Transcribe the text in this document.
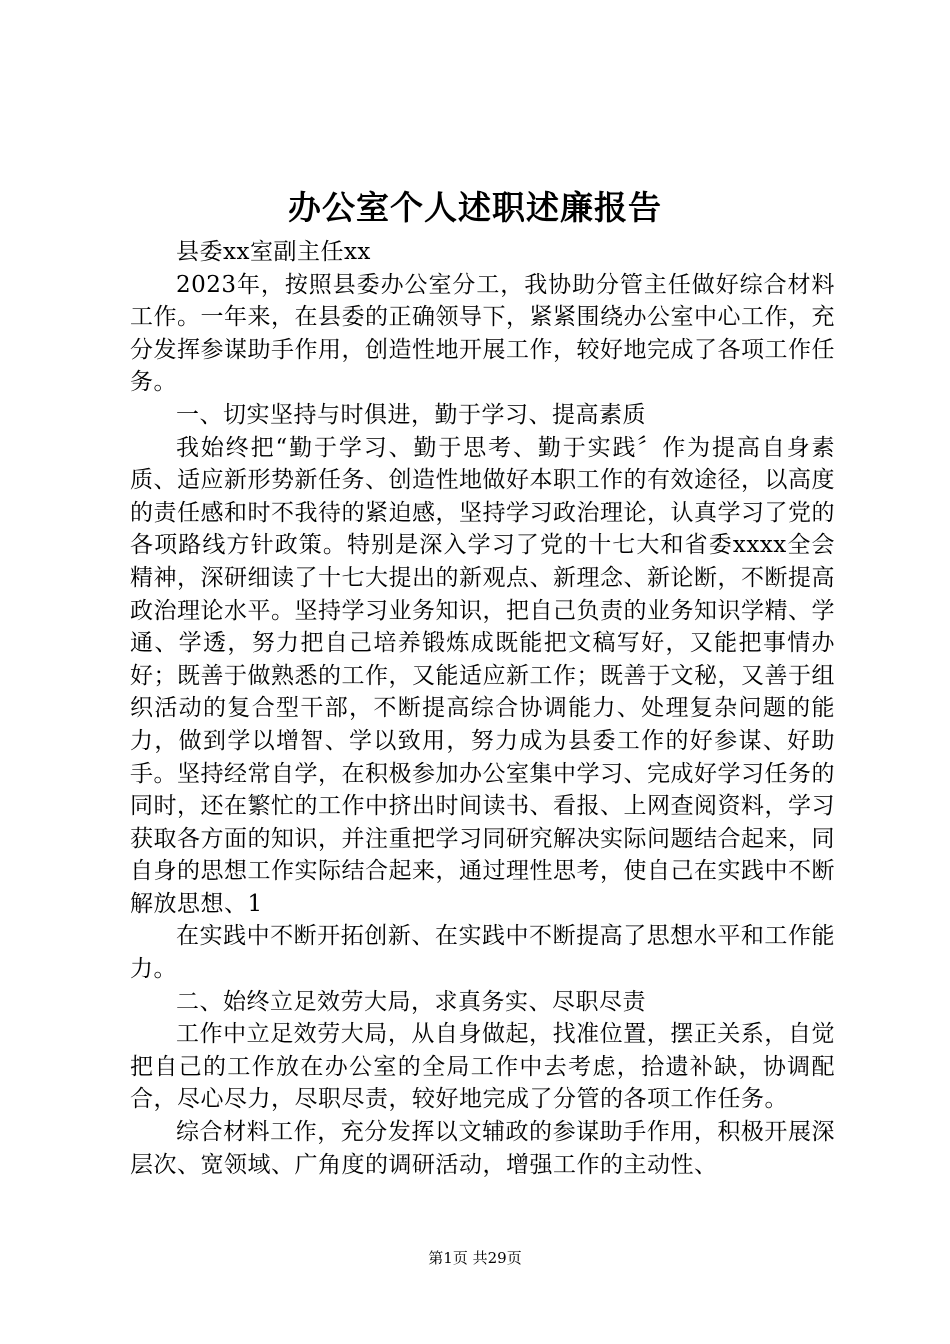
办公室个人述职述廉报告

县委xx室副主任xx

2023年，按照县委办公室分工，我协助分管主任做好综合材料工作。一年来，在县委的正确领导下，紧紧围绕办公室中心工作，充分发挥参谋助手作用，创造性地开展工作，较好地完成了各项工作任务。

一、切实坚持与时俱进，勤于学习、提高素质

我始终把“勤于学习、勤于思考、勤于实践〞作为提高自身素质、适应新形势新任务、创造性地做好本职工作的有效途径，以高度的责任感和时不我待的紧迫感，坚持学习政治理论，认真学习了党的各项路线方针政策。特别是深入学习了党的十七大和省委xxxx全会精神，深研细读了十七大提出的新观点、新理念、新论断，不断提高政治理论水平。坚持学习业务知识，把自己负责的业务知识学精、学通、学透，努力把自己培养锻炼成既能把文稿写好，又能把事情办好；既善于做熟悉的工作，又能适应新工作；既善于文秘，又善于组织活动的复合型干部，不断提高综合协调能力、处理复杂问题的能力，做到学以增智、学以致用，努力成为县委工作的好参谋、好助手。坚持经常自学，在积极参加办公室集中学习、完成好学习任务的同时，还在繁忙的工作中挤出时间读书、看报、上网查阅资料，学习获取各方面的知识，并注重把学习同研究解决实际问题结合起来，同自身的思想工作实际结合起来，通过理性思考，使自己在实践中不断解放思想、1

在实践中不断开拓创新、在实践中不断提高了思想水平和工作能力。

二、始终立足效劳大局，求真务实、尽职尽责

工作中立足效劳大局，从自身做起，找准位置，摆正关系，自觉把自己的工作放在办公室的全局工作中去考虑，拾遗补缺，协调配合，尽心尽力，尽职尽责，较好地完成了分管的各项工作任务。

综合材料工作，充分发挥以文辅政的参谋助手作用，积极开展深层次、宽领域、广角度的调研活动，增强工作的主动性、

第1页 共29页
